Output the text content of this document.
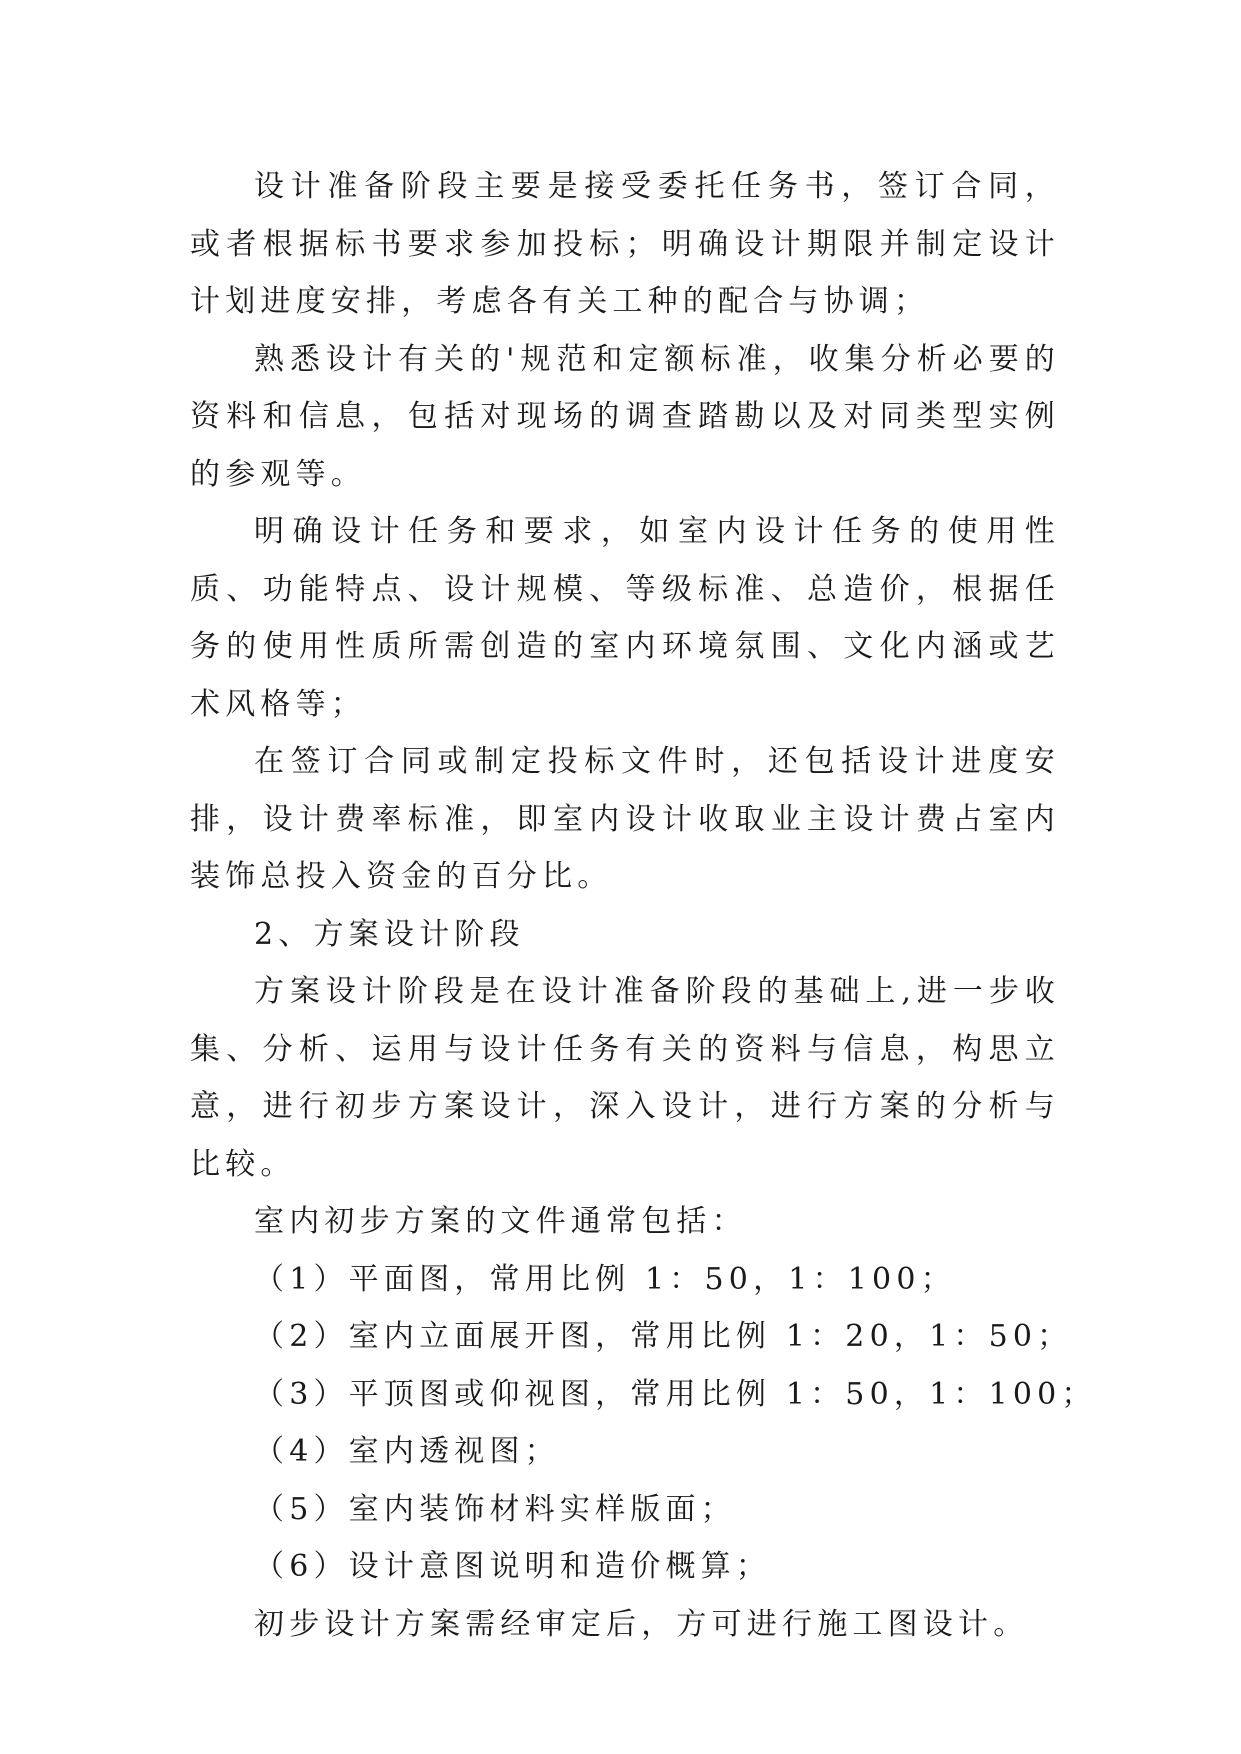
设计准备阶段主要是接受委托任务书，签订合同，或者根据标书要求参加投标；明确设计期限并制定设计计划进度安排，考虑各有关工种的配合与协调；

熟悉设计有关的'规范和定额标准，收集分析必要的资料和信息，包括对现场的调查踏勘以及对同类型实例的参观等。

明确设计任务和要求，如室内设计任务的使用性质、功能特点、设计规模、等级标准、总造价，根据任务的使用性质所需创造的室内环境氛围、文化内涵或艺术风格等；

在签订合同或制定投标文件时，还包括设计进度安排，设计费率标准，即室内设计收取业主设计费占室内装饰总投入资金的百分比。

2、方案设计阶段

方案设计阶段是在设计准备阶段的基础上,进一步收集、分析、运用与设计任务有关的资料与信息，构思立意，进行初步方案设计，深入设计，进行方案的分析与比较。

室内初步方案的文件通常包括：

（1）平面图，常用比例 1：50，1：100；

（2）室内立面展开图，常用比例 1：20，1：50；

（3）平顶图或仰视图，常用比例 1：50，1：100；

（4）室内透视图；

（5）室内装饰材料实样版面；

（6）设计意图说明和造价概算；

初步设计方案需经审定后，方可进行施工图设计。
